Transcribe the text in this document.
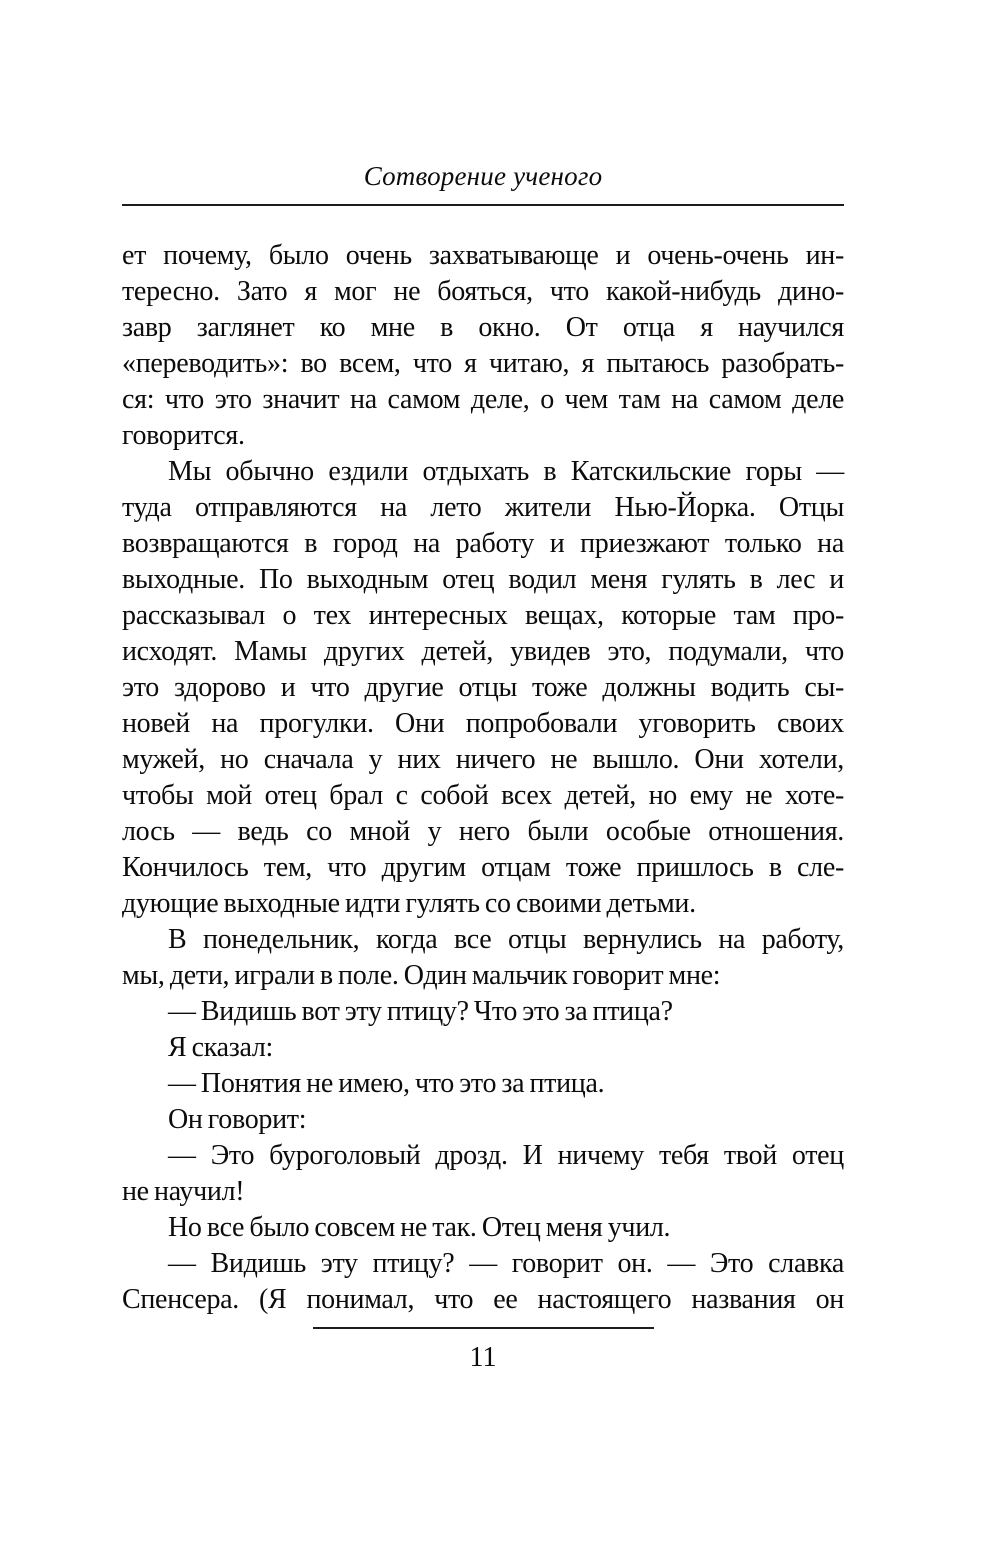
Сотворение ученого
ет почему, было очень захватывающе и очень-очень ин-
тересно. Зато я мог не бояться, что какой-нибудь дино-
завр заглянет ко мне в окно. От отца я научился
«переводить»: во всем, что я читаю, я пытаюсь разобрать-
ся: что это значит на самом деле, о чем там на самом деле
говорится.
Мы обычно ездили отдыхать в Катскильские горы —
туда отправляются на лето жители Нью-Йорка. Отцы
возвращаются в город на работу и приезжают только на
выходные. По выходным отец водил меня гулять в лес и
рассказывал о тех интересных вещах, которые там про-
исходят. Мамы других детей, увидев это, подумали, что
это здорово и что другие отцы тоже должны водить сы-
новей на прогулки. Они попробовали уговорить своих
мужей, но сначала у них ничего не вышло. Они хотели,
чтобы мой отец брал с собой всех детей, но ему не хоте-
лось — ведь со мной у него были особые отношения.
Кончилось тем, что другим отцам тоже пришлось в сле-
дующие выходные идти гулять со своими детьми.
В понедельник, когда все отцы вернулись на работу,
мы, дети, играли в поле. Один мальчик говорит мне:
— Видишь вот эту птицу? Что это за птица?
Я сказал:
— Понятия не имею, что это за птица.
Он говорит:
— Это буроголовый дрозд. И ничему тебя твой отец
не научил!
Но все было совсем не так. Отец меня учил.
— Видишь эту птицу? — говорит он. — Это славка
Спенсера. (Я понимал, что ее настоящего названия он
11
